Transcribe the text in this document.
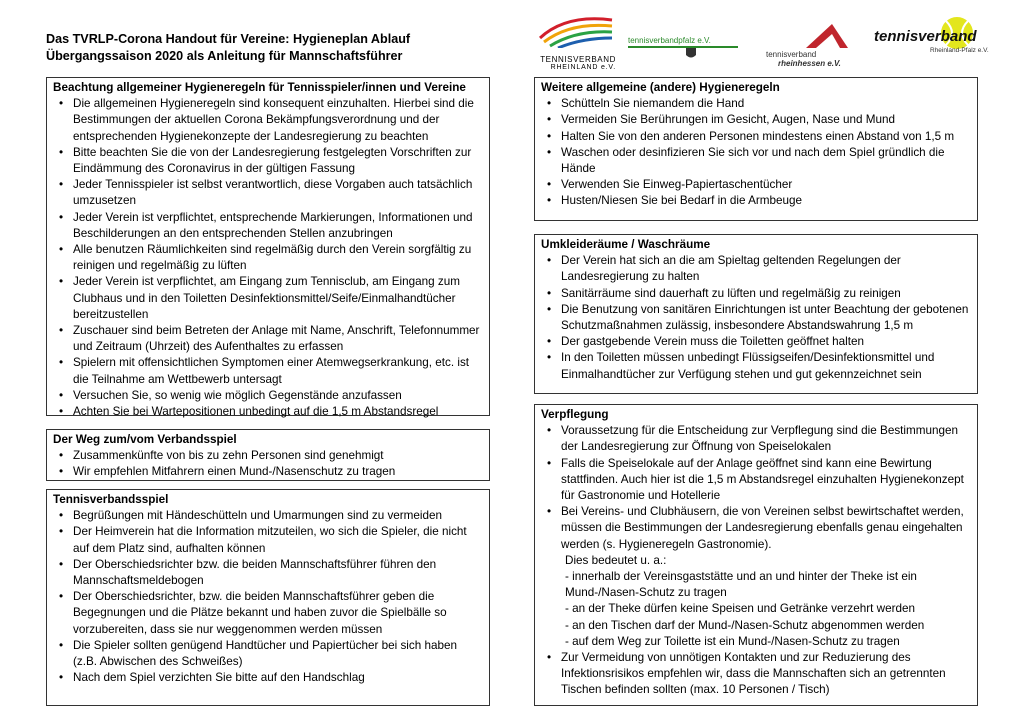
Das TVRLP-Corona Handout für Vereine: Hygieneplan Ablauf
Übergangssaison 2020 als Anleitung für Mannschaftsführer	TENNISVERBAND
RHEINLAND e.V.
tennisverbandpfalz e.V.
tennisverband
rheinhessen e.V.
tennisverband
Rheinland-Pfalz e.V.
Beachtung allgemeiner Hygieneregeln für Tennisspieler/innen und Vereine
• Die allgemeinen Hygieneregeln sind konsequent einzuhalten. Hierbei sind die Bestimmungen der aktuellen Corona Bekämpfungsverordnung und der entsprechenden Hygienekonzepte der Landesregierung zu beachten
• Bitte beachten Sie die von der Landesregierung festgelegten Vorschriften zur Eindämmung des Coronavirus in der gültigen Fassung
• Jeder Tennisspieler ist selbst verantwortlich, diese Vorgaben auch tatsächlich umzusetzen
• Jeder Verein ist verpflichtet, entsprechende Markierungen, Informationen und Beschilderungen an den entsprechenden Stellen anzubringen
• Alle benutzen Räumlichkeiten sind regelmäßig durch den Verein sorgfältig zu reinigen und regelmäßig zu lüften
• Jeder Verein ist verpflichtet, am Eingang zum Tennisclub, am Eingang zum Clubhaus und in den Toiletten Desinfektionsmittel/Seife/Einmalhandtücher bereitzustellen
• Zuschauer sind beim Betreten der Anlage mit Name, Anschrift, Telefonnummer und Zeitraum (Uhrzeit) des Aufenthaltes zu erfassen
• Spielern mit offensichtlichen Symptomen einer Atemwegserkrankung, etc. ist die Teilnahme am Wettbewerb untersagt
• Versuchen Sie, so wenig wie möglich Gegenstände anzufassen
• Achten Sie bei Wartepositionen unbedingt auf die 1,5 m Abstandsregel
Der Weg zum/vom Verbandsspiel
• Zusammenkünfte von bis zu zehn Personen sind genehmigt
• Wir empfehlen Mitfahrern einen Mund-/Nasenschutz zu tragen
Tennisverbandsspiel
• Begrüßungen mit Händeschütteln und Umarmungen sind zu vermeiden
• Der Heimverein hat die Information mitzuteilen, wo sich die Spieler, die nicht auf dem Platz sind, aufhalten können
• Der Oberschiedsrichter bzw. die beiden Mannschaftsführer führen den Mannschaftsmeldebogen
• Der Oberschiedsrichter, bzw. die beiden Mannschaftsführer geben die Begegnungen und die Plätze bekannt und haben zuvor die Spielbälle so vorzubereiten, dass sie nur weggenommen werden müssen
• Die Spieler sollten genügend Handtücher und Papiertücher bei sich haben (z.B. Abwischen des Schweißes)
• Nach dem Spiel verzichten Sie bitte auf den Handschlag
Weitere allgemeine (andere) Hygieneregeln
• Schütteln Sie niemandem die Hand
• Vermeiden Sie Berührungen im Gesicht, Augen, Nase und Mund
• Halten Sie von den anderen Personen mindestens einen Abstand von 1,5 m
• Waschen oder desinfizieren Sie sich vor und nach dem Spiel gründlich die Hände
• Verwenden Sie Einweg-Papiertaschentücher
• Husten/Niesen Sie bei Bedarf in die Armbeuge
Umkleideräume / Waschräume
• Der Verein hat sich an die am Spieltag geltenden Regelungen der Landesregierung zu halten
• Sanitärräume sind dauerhaft zu lüften und regelmäßig zu reinigen
• Die Benutzung von sanitären Einrichtungen ist unter Beachtung der gebotenen Schutzmaßnahmen zulässig, insbesondere Abstandswahrung 1,5 m
• Der gastgebende Verein muss die Toiletten geöffnet halten
• In den Toiletten müssen unbedingt Flüssigseifen/Desinfektionsmittel und Einmalhandtücher zur Verfügung stehen und gut gekennzeichnet sein
Verpflegung
• Voraussetzung für die Entscheidung zur Verpflegung sind die Bestimmungen der Landesregierung zur Öffnung von Speiselokalen
• Falls die Speiselokale auf der Anlage geöffnet sind kann eine Bewirtung stattfinden. Auch hier ist die 1,5 m Abstandsregel einzuhalten Hygienekonzept für Gastronomie und Hotellerie
• Bei Vereins- und Clubhäusern, die von Vereinen selbst bewirtschaftet werden, müssen die Bestimmungen der Landesregierung ebenfalls genau eingehalten werden (s. Hygieneregeln Gastronomie).
Dies bedeutet u. a.:
- innerhalb der Vereinsgaststätte und an und hinter der Theke ist ein Mund-/Nasen-Schutz zu tragen
- an der Theke dürfen keine Speisen und Getränke verzehrt werden
- an den Tischen darf der Mund-/Nasen-Schutz abgenommen werden
- auf dem Weg zur Toilette ist ein Mund-/Nasen-Schutz zu tragen
• Zur Vermeidung von unnötigen Kontakten und zur Reduzierung des Infektionsrisikos empfehlen wir, dass die Mannschaften sich an getrennten Tischen befinden sollten (max. 10 Personen / Tisch)
